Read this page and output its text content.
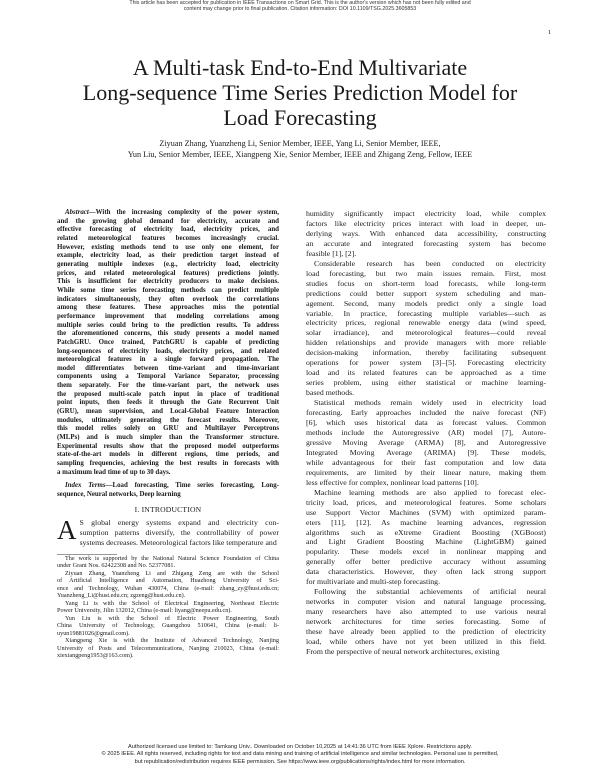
This article has been accepted for publication in IEEE Transactions on Smart Grid. This is the author's version which has not been fully edited and
content may change prior to final publication. Citation information: DOI 10.1109/TSG.2025.3605853
1
A Multi-task End-to-End Multivariate
Long-sequence Time Series Prediction Model for
Load Forecasting
Ziyuan Zhang, Yuanzheng Li, Senior Member, IEEE, Yang Li, Senior Member, IEEE,
Yun Liu, Senior Member, IEEE, Xiangpeng Xie, Senior Member, IEEE and Zhigang Zeng, Fellow, IEEE
Abstract—With the increasing complexity of the power system,
and the growing global demand for electricity, accurate and
effective forecasting of electricity load, electricity prices, and
related meteorological features becomes increasingly crucial.
However, existing methods tend to use only one element, for
example, electricity load, as their prediction target instead of
generating multiple indexes (e.g., electricity load, electricity
prices, and related meteorological features) predictions jointly.
This is insufficient for electricity producers to make decisions.
While some time series forecasting methods can predict multiple
indicators simultaneously, they often overlook the correlations
among these features. These approaches miss the potential
performance improvement that modeling correlations among
multiple series could bring to the prediction results. To address
the aforementioned concerns, this study presents a model named
PatchGRU. Once trained, PatchGRU is capable of predicting
long-sequences of electricity loads, electricity prices, and related
meteorological features in a single forward propagation. The
model differentiates between time-variant and time-invariant
components using a Temporal Variance Separator, processing
them separately. For the time-variant part, the network uses
the proposed multi-scale patch input in place of traditional
point inputs, then feeds it through the Gate Recurrent Unit
(GRU), mean supervision, and Local-Global Feature Interaction
modules, ultimately generating the forecast results. Moreover,
this model relies solely on GRU and Multilayer Perceptrons
(MLPs) and is much simpler than the Transformer structure.
Experimental results show that the proposed model outperforms
state-of-the-art models in different regions, time periods, and
sampling frequencies, achieving the best results in forecasts with
a maximum lead time of up to 30 days.
Index Terms—Load forecasting, Time series forecasting, Long-
sequence, Neural networks, Deep learning
I. INTRODUCTION
A S global energy systems expand and electricity con-
sumption patterns diversify, the controllability of power
systems decreases. Meteorological factors like temperature and
The work is supported by the National Natural Science Foundation of China
under Grant Nos. 62422308 and No. 52377081.
Ziyuan Zhang, Yuanzheng Li and Zhigang Zeng are with the School
of Artificial Intelligence and Automation, Huazhong University of Sci-
ence and Technology, Wuhan 430074, China (e-mail: zhang_zy@hust.edu.cn;
Yuanzheng_Li@hust.edu.cn; zgzeng@hust.edu.cn).
Yang Li is with the School of Electrical Engineering, Northeast Electric
Power University, Jilin 132012, China (e-mail: liyang@neepu.edu.cn).
Yun Liu is with the School of Electric Power Engineering, South
China University of Technology, Guangzhou 510641, China (e-mail: li-
uyun19881026@gmail.com).
Xiangpeng Xie is with the Institute of Advanced Technology, Nanjing
University of Posts and Telecommunications, Nanjing 210023, China (e-mail:
xiexiangpeng1953@163.com).
humidity significantly impact electricity load, while complex
factors like electricity prices interact with load in deeper, un-
derlying ways. With enhanced data accessibility, constructing
an accurate and integrated forecasting system has become
feasible [1], [2].
Considerable research has been conducted on electricity
load forecasting, but two main issues remain. First, most
studies focus on short-term load forecasts, while long-term
predictions could better support system scheduling and man-
agement. Second, many models predict only a single load
variable. In practice, forecasting multiple variables—such as
electricity prices, regional renewable energy data (wind speed,
solar irradiance), and meteorological features—could reveal
hidden relationships and provide managers with more reliable
decision-making information, thereby facilitating subsequent
operations for power system [3]–[5]. Forecasting electricity
load and its related features can be approached as a time
series problem, using either statistical or machine learning-
based methods.
Statistical methods remain widely used in electricity load
forecasting. Early approaches included the naive forecast (NF)
[6], which uses historical data as forecast values. Common
methods include the Autoregressive (AR) model [7], Autore-
gressive Moving Average (ARMA) [8], and Autoregressive
Integrated Moving Average (ARIMA) [9]. These models,
while advantageous for their fast computation and low data
requirements, are limited by their linear nature, making them
less effective for complex, nonlinear load patterns [10].
Machine learning methods are also applied to forecast elec-
tricity load, prices, and meteorological features. Some scholars
use Support Vector Machines (SVM) with optimized param-
eters [11], [12]. As machine learning advances, regression
algorithms such as eXtreme Gradient Boosting (XGBoost)
and Light Gradient Boosting Machine (LightGBM) gained
popularity. These models excel in nonlinear mapping and
generally offer better predictive accuracy without assuming
data characteristics. However, they often lack strong support
for multivariate and multi-step forecasting.
Following the substantial achievements of artificial neural
networks in computer vision and natural language processing,
many researchers have also attempted to use various neural
network architectures for time series forecasting. Some of
these have already been applied to the prediction of electricity
load, while others have not yet been utilized in this field.
From the perspective of neural network architectures, existing
Authorized licensed use limited to: Tamkang Univ.. Downloaded on October 10,2025 at 14:41:36 UTC from IEEE Xplore. Restrictions apply.
© 2025 IEEE. All rights reserved, including rights for text and data mining and training of artificial intelligence and similar technologies. Personal use is permitted,
but republication/redistribution requires IEEE permission. See https://www.ieee.org/publications/rights/index.html for more information.
